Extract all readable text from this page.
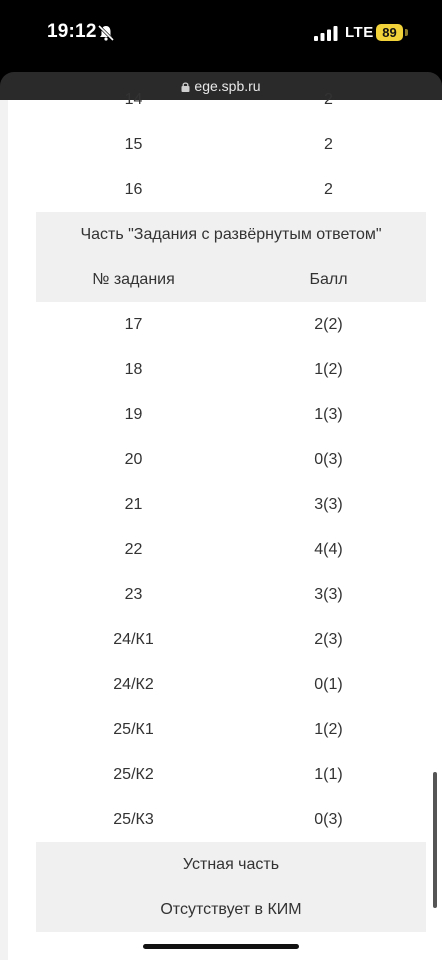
19:12	LTE 89
ege.spb.ru
14	2
15	2
16	2
Часть "Задания с развёрнутым ответом"
№ задания	Балл
17	2(2)
18	1(2)
19	1(3)
20	0(3)
21	3(3)
22	4(4)
23	3(3)
24/К1	2(3)
24/К2	0(1)
25/К1	1(2)
25/К2	1(1)
25/К3	0(3)
Устная часть
Отсутствует в КИМ
